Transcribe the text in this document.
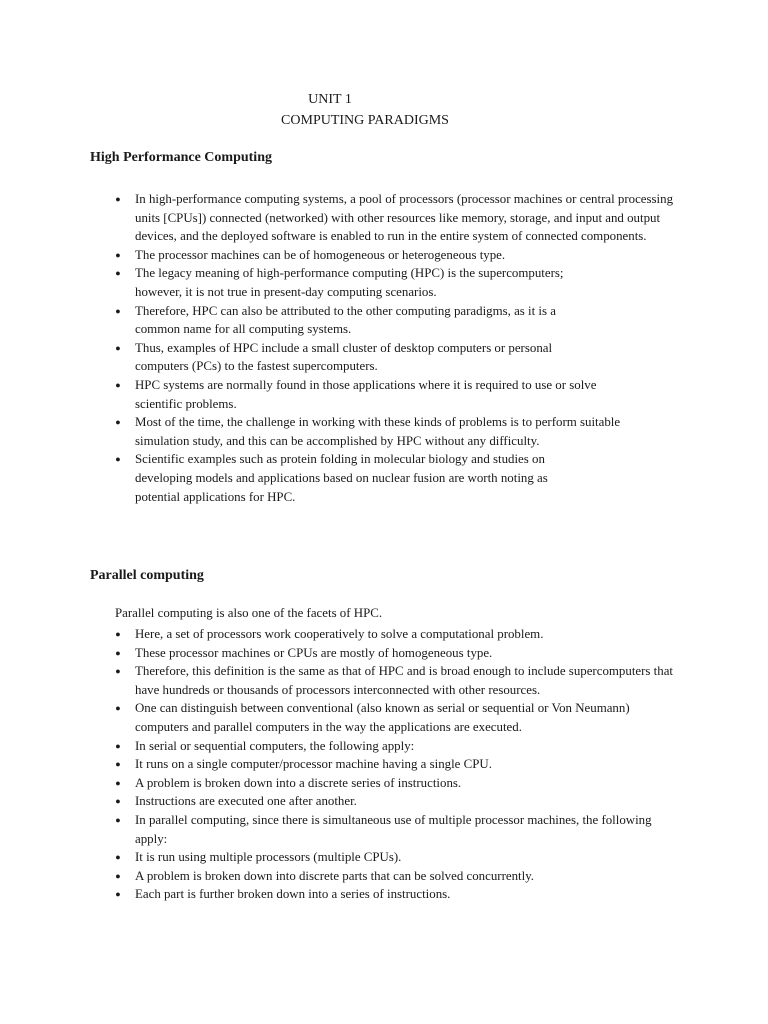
UNIT 1
COMPUTING PARADIGMS
High Performance Computing
● In high-performance computing systems, a pool of processors (processor machines or central processing units [CPUs]) connected (networked) with other resources like memory, storage, and input and output devices, and the deployed software is enabled to run in the entire system of connected components.
● The processor machines can be of homogeneous or heterogeneous type.
● The legacy meaning of high-performance computing (HPC) is the supercomputers; however, it is not true in present-day computing scenarios.
● Therefore, HPC can also be attributed to the other computing paradigms, as it is a common name for all computing systems.
● Thus, examples of HPC include a small cluster of desktop computers or personal computers (PCs) to the fastest supercomputers.
● HPC systems are normally found in those applications where it is required to use or solve scientific problems.
● Most of the time, the challenge in working with these kinds of problems is to perform suitable simulation study, and this can be accomplished by HPC without any difficulty.
● Scientific examples such as protein folding in molecular biology and studies on developing models and applications based on nuclear fusion are worth noting as potential applications for HPC.
Parallel computing
Parallel computing is also one of the facets of HPC.
● Here, a set of processors work cooperatively to solve a computational problem.
● These processor machines or CPUs are mostly of homogeneous type.
● Therefore, this definition is the same as that of HPC and is broad enough to include supercomputers that have hundreds or thousands of processors interconnected with other resources.
● One can distinguish between conventional (also known as serial or sequential or Von Neumann) computers and parallel computers in the way the applications are executed.
● In serial or sequential computers, the following apply:
● It runs on a single computer/processor machine having a single CPU.
● A problem is broken down into a discrete series of instructions.
● Instructions are executed one after another.
● In parallel computing, since there is simultaneous use of multiple processor machines, the following apply:
● It is run using multiple processors (multiple CPUs).
● A problem is broken down into discrete parts that can be solved concurrently.
● Each part is further broken down into a series of instructions.
